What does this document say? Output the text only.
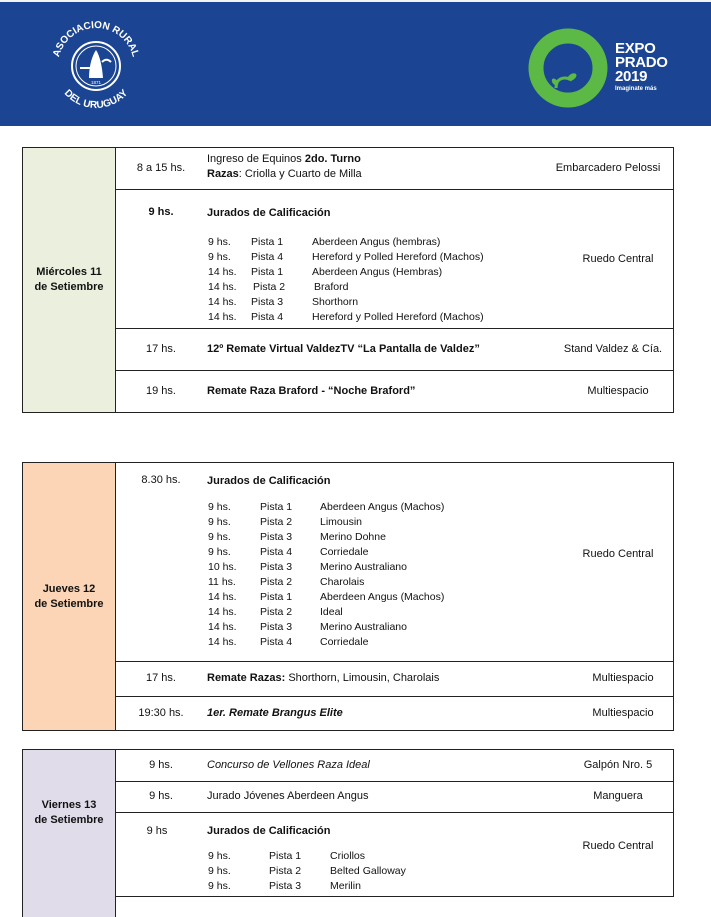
ASOCIACION RURAL
DEL URUGUAY
1871
EXPO
PRADO
2019
Imaginate más
Miércoles 11
de Setiembre
8 a 15 hs.
Ingreso de Equinos 2do. Turno
Razas: Criolla y Cuarto de Milla	Embarcadero Pelossi
9 hs.	Jurados de Calificación
9 hs. Pista 1	Aberdeen Angus (hembras)
9 hs. Pista 4	Hereford y Polled Hereford (Machos)
14 hs. Pista 1	Aberdeen Angus (Hembras)
14 hs. Pista 2	Braford
14 hs. Pista 3	Shorthorn
14 hs. Pista 4	Hereford y Polled Hereford (Machos)
Ruedo Central
17 hs.	12º Remate Virtual ValdezTV “La Pantalla de Valdez”	Stand Valdez & Cía.
19 hs.	Remate Raza Braford - “Noche Braford”	Multiespacio
Jueves 12
de Setiembre
8.30 hs.	Jurados de Calificación
9 hs.	Pista 1	Aberdeen Angus (Machos)
9 hs.	Pista 2	Limousin
9 hs.	Pista 3	Merino Dohne
9 hs.	Pista 4	Corriedale
10 hs. Pista 3	Merino Australiano
11 hs. Pista 2	Charolais
14 hs. Pista 1	Aberdeen Angus (Machos)
14 hs. Pista 2	Ideal
14 hs. Pista 3	Merino Australiano
14 hs. Pista 4	Corriedale
Ruedo Central
17 hs.	Remate Razas: Shorthorn, Limousin, Charolais	Multiespacio
19:30 hs.	1er. Remate Brangus Elite	Multiespacio
Viernes 13
de Setiembre
9 hs.	Concurso de Vellones Raza Ideal	Galpón Nro. 5
9 hs.	Jurado Jóvenes Aberdeen Angus	Manguera
9 hs	Jurados de Calificación
9 hs.	Pista 1	Criollos
9 hs.	Pista 2	Belted Galloway
9 hs.	Pista 3	Merilin
Ruedo Central
